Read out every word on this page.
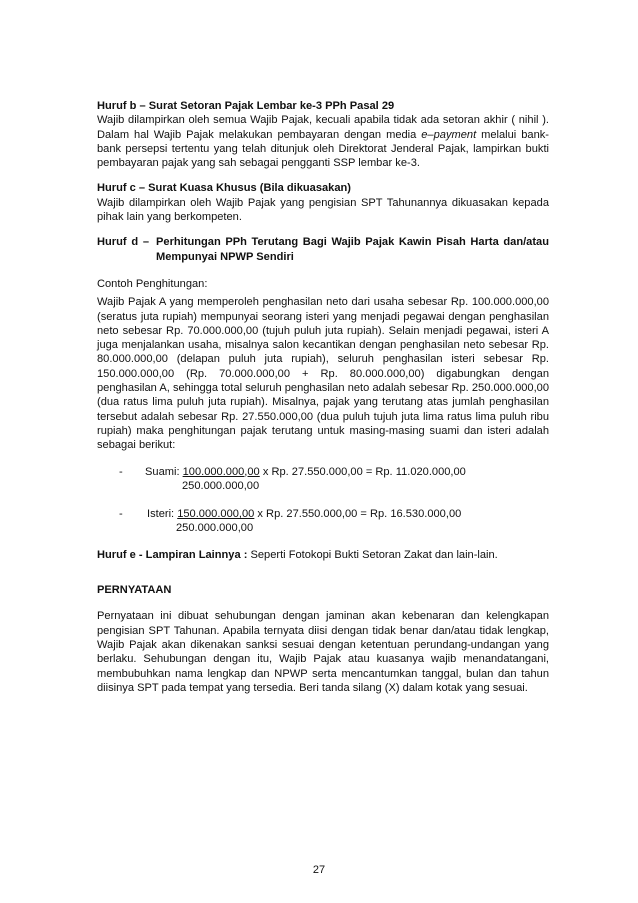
Huruf b – Surat Setoran Pajak Lembar ke-3 PPh Pasal 29

Wajib dilampirkan oleh semua Wajib Pajak, kecuali apabila tidak ada setoran akhir ( nihil ). Dalam hal Wajib Pajak melakukan pembayaran dengan media e–payment melalui bank-bank persepsi tertentu yang telah ditunjuk oleh Direktorat Jenderal Pajak, lampirkan bukti pembayaran pajak yang sah sebagai pengganti SSP lembar ke-3.

Huruf c – Surat Kuasa Khusus (Bila dikuasakan)

Wajib dilampirkan oleh Wajib Pajak yang pengisian SPT Tahunannya dikuasakan kepada pihak lain yang berkompeten.

Huruf d – Perhitungan PPh Terutang Bagi Wajib Pajak Kawin Pisah Harta dan/atau Mempunyai NPWP Sendiri

Contoh Penghitungan:

Wajib Pajak A yang memperoleh penghasilan neto dari usaha sebesar Rp. 100.000.000,00 (seratus juta rupiah) mempunyai seorang isteri yang menjadi pegawai dengan penghasilan neto sebesar Rp. 70.000.000,00 (tujuh puluh juta rupiah). Selain menjadi pegawai, isteri A juga menjalankan usaha, misalnya salon kecantikan dengan penghasilan neto sebesar Rp. 80.000.000,00 (delapan puluh juta rupiah), seluruh penghasilan isteri sebesar Rp. 150.000.000,00 (Rp. 70.000.000,00 + Rp. 80.000.000,00) digabungkan dengan penghasilan A, sehingga total seluruh penghasilan neto adalah sebesar Rp. 250.000.000,00 (dua ratus lima puluh juta rupiah). Misalnya, pajak yang terutang atas jumlah penghasilan tersebut adalah sebesar Rp. 27.550.000,00 (dua puluh tujuh juta lima ratus lima puluh ribu rupiah) maka penghitungan pajak terutang untuk masing-masing suami dan isteri adalah sebagai berikut:

-	Suami: 100.000.000,00 x Rp. 27.550.000,00 = Rp. 11.020.000,00
250.000.000,00
-	Isteri: 150.000.000,00 x Rp. 27.550.000,00 = Rp. 16.530.000,00
250.000.000,00

Huruf e - Lampiran Lainnya : Seperti Fotokopi Bukti Setoran Zakat dan lain-lain.

PERNYATAAN

Pernyataan ini dibuat sehubungan dengan jaminan akan kebenaran dan kelengkapan pengisian SPT Tahunan. Apabila ternyata diisi dengan tidak benar dan/atau tidak lengkap, Wajib Pajak akan dikenakan sanksi sesuai dengan ketentuan perundang-undangan yang berlaku. Sehubungan dengan itu, Wajib Pajak atau kuasanya wajib menandatangani, membubuhkan nama lengkap dan NPWP serta mencantumkan tanggal, bulan dan tahun diisinya SPT pada tempat yang tersedia. Beri tanda silang (X) dalam kotak yang sesuai.

27
